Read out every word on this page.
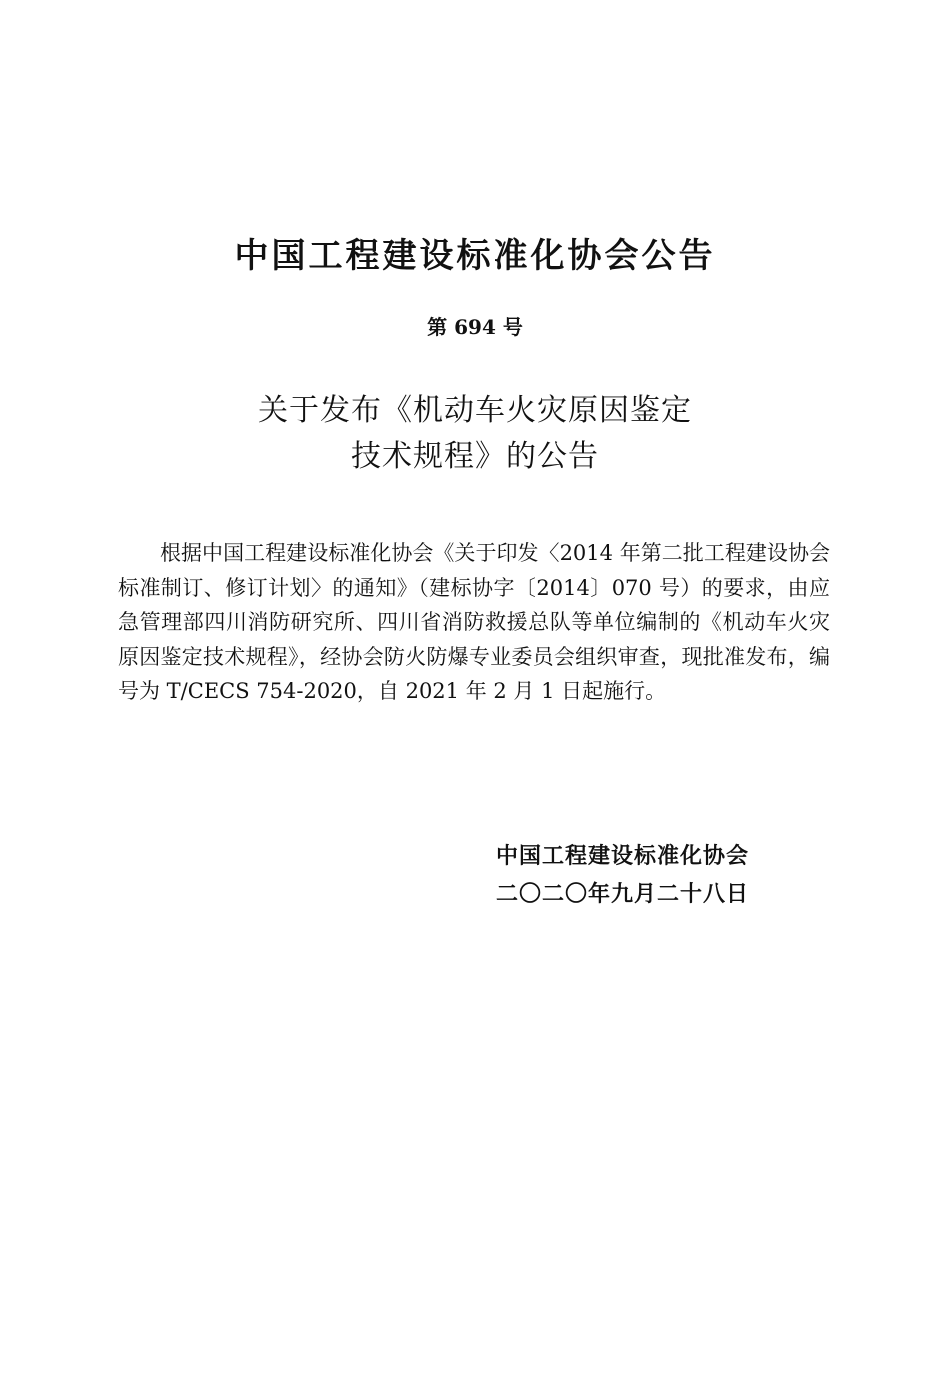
中国工程建设标准化协会公告
第 694 号
关于发布《机动车火灾原因鉴定
技术规程》的公告

根据中国工程建设标准化协会《关于印发〈2014 年第二批工程建设协会标准制订、修订计划〉的通知》（建标协字〔2014〕070 号）的要求，由应急管理部四川消防研究所、四川省消防救援总队等单位编制的《机动车火灾原因鉴定技术规程》，经协会防火防爆专业委员会组织审查，现批准发布，编号为 T/CECS 754-2020，自 2021 年 2 月 1 日起施行。

中国工程建设标准化协会
二〇二〇年九月二十八日
